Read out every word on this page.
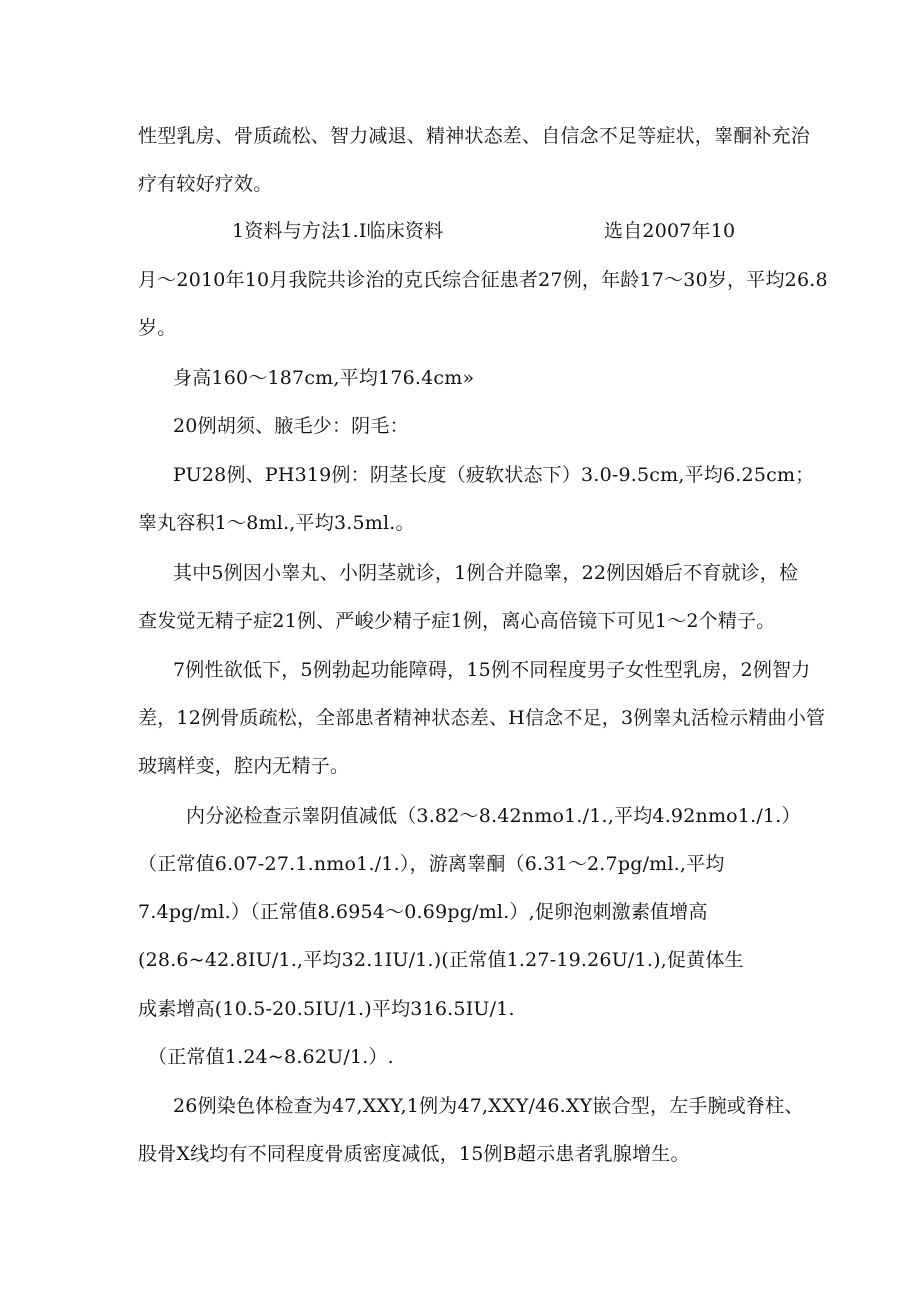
性型乳房、骨质疏松、智力减退、精神状态差、自信念不足等症状，睾酮补充治
疗有较好疗效。
1资料与方法1.I临床资料	选自2007年10
月～2010年10月我院共诊治的克氏综合征患者27例，年龄17～30岁，平均26.8
岁。
身高160～187cm,平均176.4cm»
20例胡须、腋毛少：阴毛：
PU28例、PH319例：阴茎长度（疲软状态下）3.0-9.5cm,平均6.25cm；
睾丸容积1～8ml.,平均3.5ml.。
其中5例因小睾丸、小阴茎就诊，1例合并隐睾，22例因婚后不育就诊，检
查发觉无精子症21例、严峻少精子症1例，离心高倍镜下可见1～2个精子。
7例性欲低下，5例勃起功能障碍，15例不同程度男子女性型乳房，2例智力
差，12例骨质疏松，全部患者精神状态差、H信念不足，3例睾丸活检示精曲小管
玻璃样变，腔内无精子。
内分泌检查示睾阴值减低（3.82～8.42nmo1./1.,平均4.92nmo1./1.）
（正常值6.07-27.1.nmo1./1.），游离睾酮（6.31～2.7pg/ml.,平均
7.4pg/ml.）（正常值8.6954～0.69pg/ml.）,促卵泡刺激素值增高
(28.6~42.8IU/1.,平均32.1IU/1.)(正常值1.27-19.26U/1.),促黄体生
成素增高(10.5-20.5IU/1.)平均316.5IU/1.
（正常值1.24~8.62U/1.）.
26例染色体检查为47,XXY,1例为47,XXY/46.XY嵌合型，左手腕或脊柱、
股骨X线均有不同程度骨质密度减低，15例B超示患者乳腺增生。
